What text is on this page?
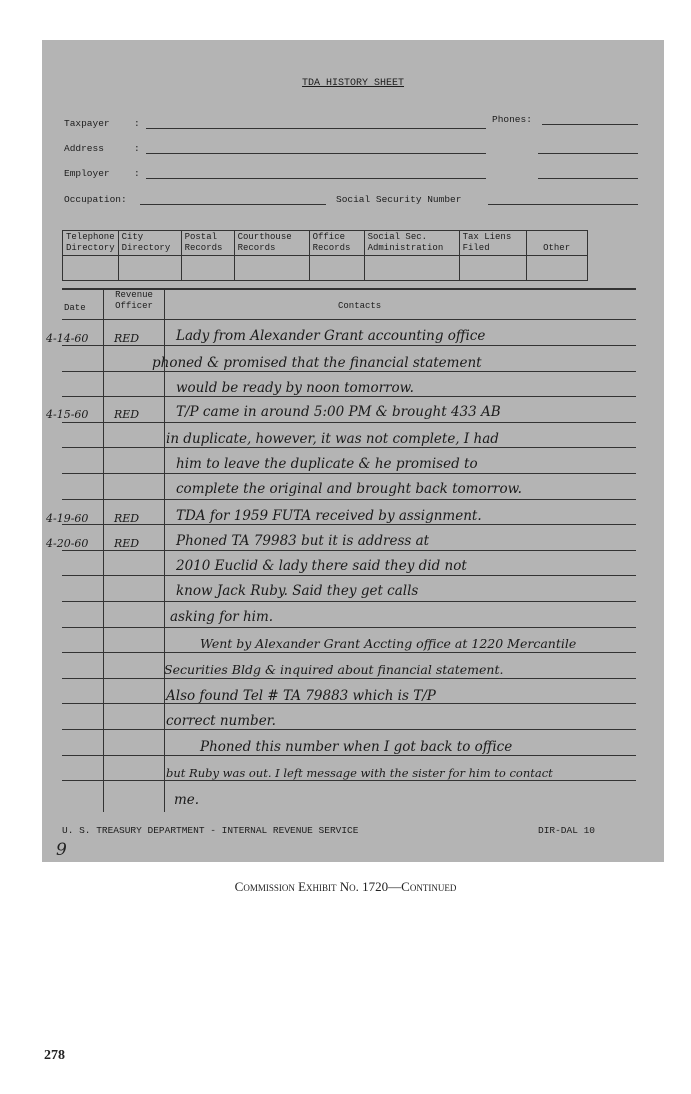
TDA HISTORY SHEET
Taxpayer	:	Phones:
Address	:
Employer	:
Occupation:	Social Security Number
Telephone Directory	City Directory	Postal Records	Courthouse Records	Office Records	Social Sec. Administration	Tax Liens Filed	Other

Date
Revenue Officer	Contacts
4-14-60 RED	Lady from Alexander Grant accounting office
phoned & promised that the financial statement
would be ready by noon tomorrow.
4-15-60 RED	T/P came in around 5:00 PM & brought 433 AB
in duplicate, however, it was not complete, I had
him to leave the duplicate & he promised to
complete the original and brought back tomorrow.
4-19-60 RED	TDA for 1959 FUTA received by assignment.
4-20-60 RED	Phoned TA 79983 but it is address at
2010 Euclid & lady there said they did not
know Jack Ruby. Said they get calls
asking for him.
Went by Alexander Grant Accting office at 1220 Mercantile
Securities Bldg & inquired about financial statement.
Also found Tel # TA 79883 which is T/P
correct number.
Phoned this number when I got back to office
but Ruby was out. I left message with the sister for him to contact
me.
U. S. TREASURY DEPARTMENT - INTERNAL REVENUE SERVICE	DIR-DAL 10
9
Commission Exhibit No. 1720—Continued
278
